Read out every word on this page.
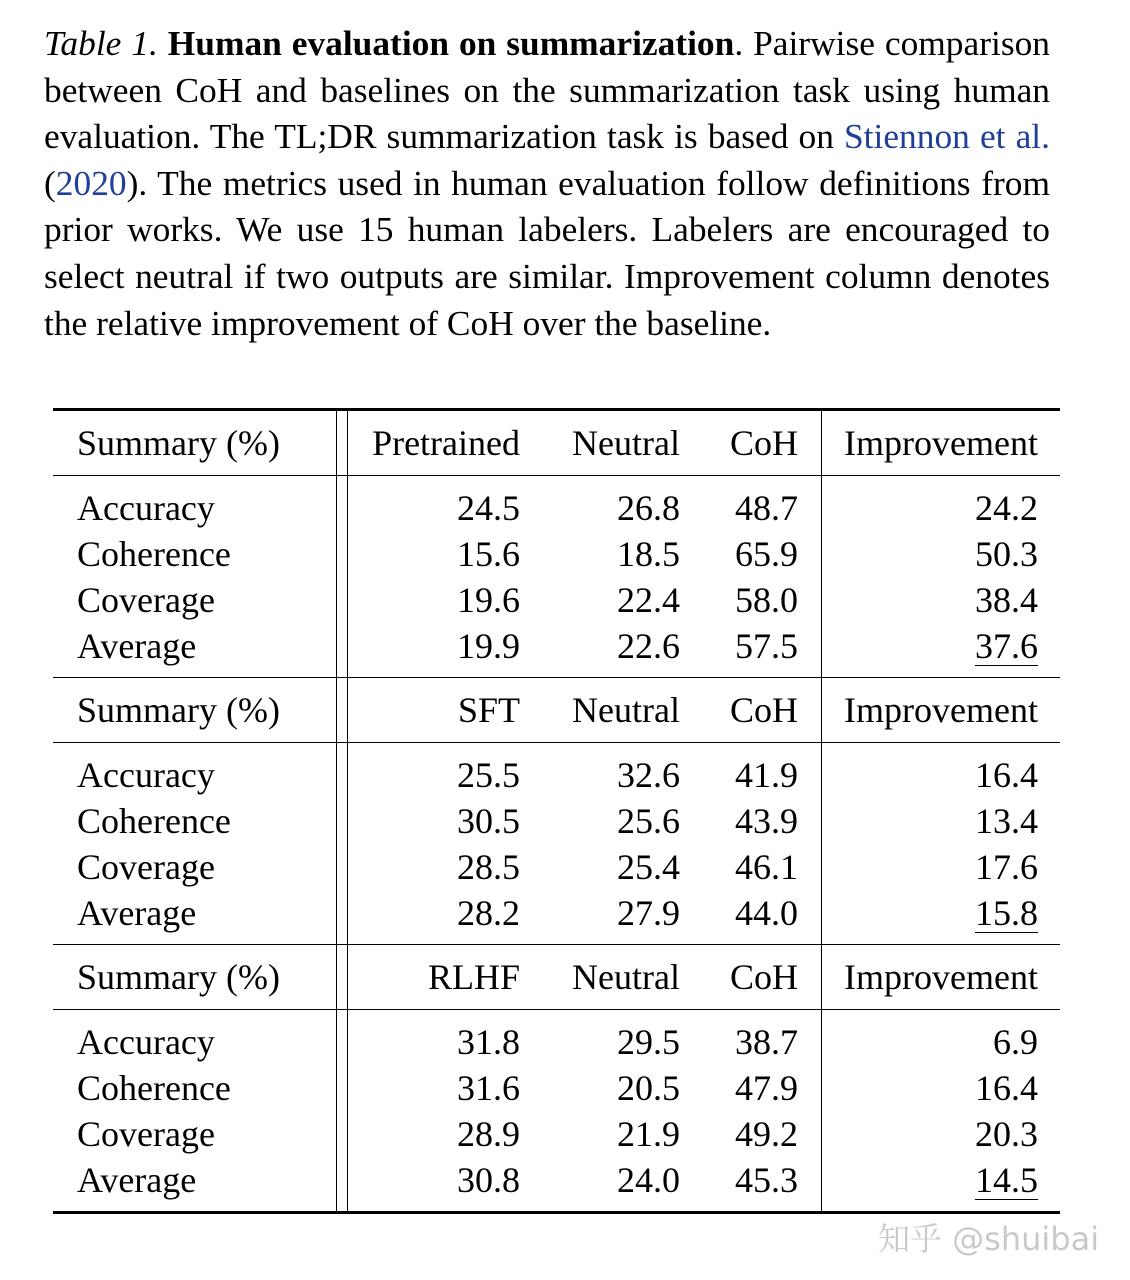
Table 1. Human evaluation on summarization. Pairwise comparison between CoH and baselines on the summarization task using human evaluation. The TL;DR summarization task is based on Stiennon et al. (2020). The metrics used in human evaluation follow definitions from prior works. We use 15 human labelers. Labelers are encouraged to select neutral if two outputs are similar. Improvement column denotes the relative improvement of CoH over the baseline.
Summary (%)		Pretrained	Neutral	CoH	Improvement
Accuracy		24.5	26.8	48.7	24.2
Coherence		15.6	18.5	65.9	50.3
Coverage		19.6	22.4	58.0	38.4
Average		19.9	22.6	57.5	37.6
Summary (%)		SFT	Neutral	CoH	Improvement
Accuracy		25.5	32.6	41.9	16.4
Coherence		30.5	25.6	43.9	13.4
Coverage		28.5	25.4	46.1	17.6
Average		28.2	27.9	44.0	15.8
Summary (%)		RLHF	Neutral	CoH	Improvement
Accuracy		31.8	29.5	38.7	6.9
Coherence		31.6	20.5	47.9	16.4
Coverage		28.9	21.9	49.2	20.3
Average		30.8	24.0	45.3	14.5
知乎 @shuibai
